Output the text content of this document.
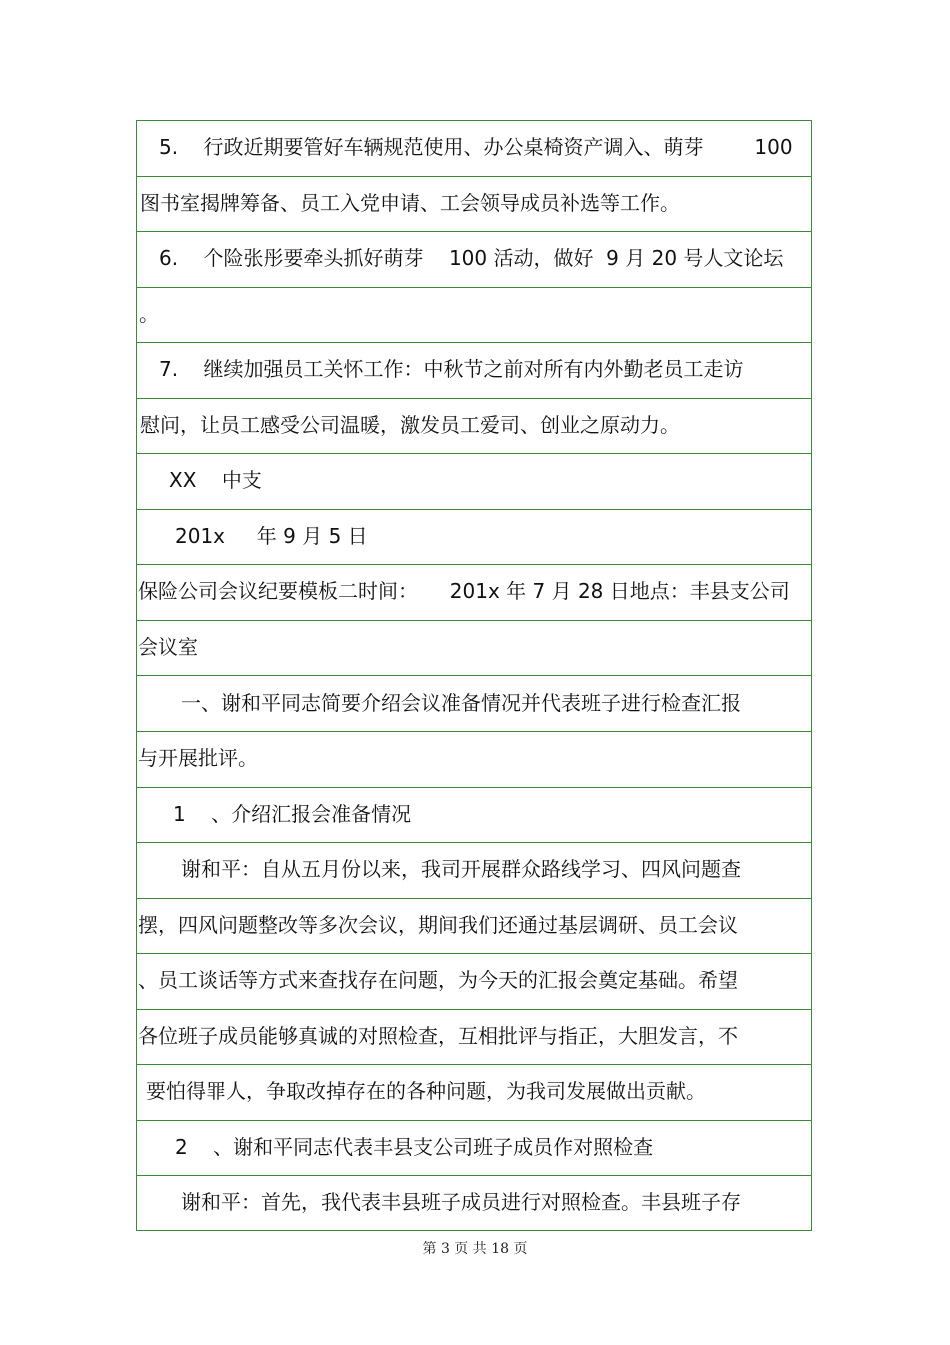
5.    行政近期要管好车辆规范使用、办公桌椅资产调入、萌芽        100
图书室揭牌筹备、员工入党申请、工会领导成员补选等工作。
6.    个险张彤要牵头抓好萌芽    100 活动，做好  9 月 20 号人文论坛
。
7.    继续加强员工关怀工作：中秋节之前对所有内外勤老员工走访
慰问，让员工感受公司温暖，激发员工爱司、创业之原动力。
XX    中支
201x     年 9 月 5 日
保险公司会议纪要模板二时间：     201x 年 7 月 28 日地点：丰县支公司
会议室
一、谢和平同志简要介绍会议准备情况并代表班子进行检查汇报
与开展批评。
1    、介绍汇报会准备情况
谢和平：自从五月份以来，我司开展群众路线学习、四风问题查
摆，四风问题整改等多次会议，期间我们还通过基层调研、员工会议
、员工谈话等方式来查找存在问题，为今天的汇报会奠定基础。希望
各位班子成员能够真诚的对照检查，互相批评与指正，大胆发言，不
要怕得罪人，争取改掉存在的各种问题，为我司发展做出贡献。
2    、谢和平同志代表丰县支公司班子成员作对照检查
谢和平：首先，我代表丰县班子成员进行对照检查。丰县班子存
第 3 页 共 18 页
